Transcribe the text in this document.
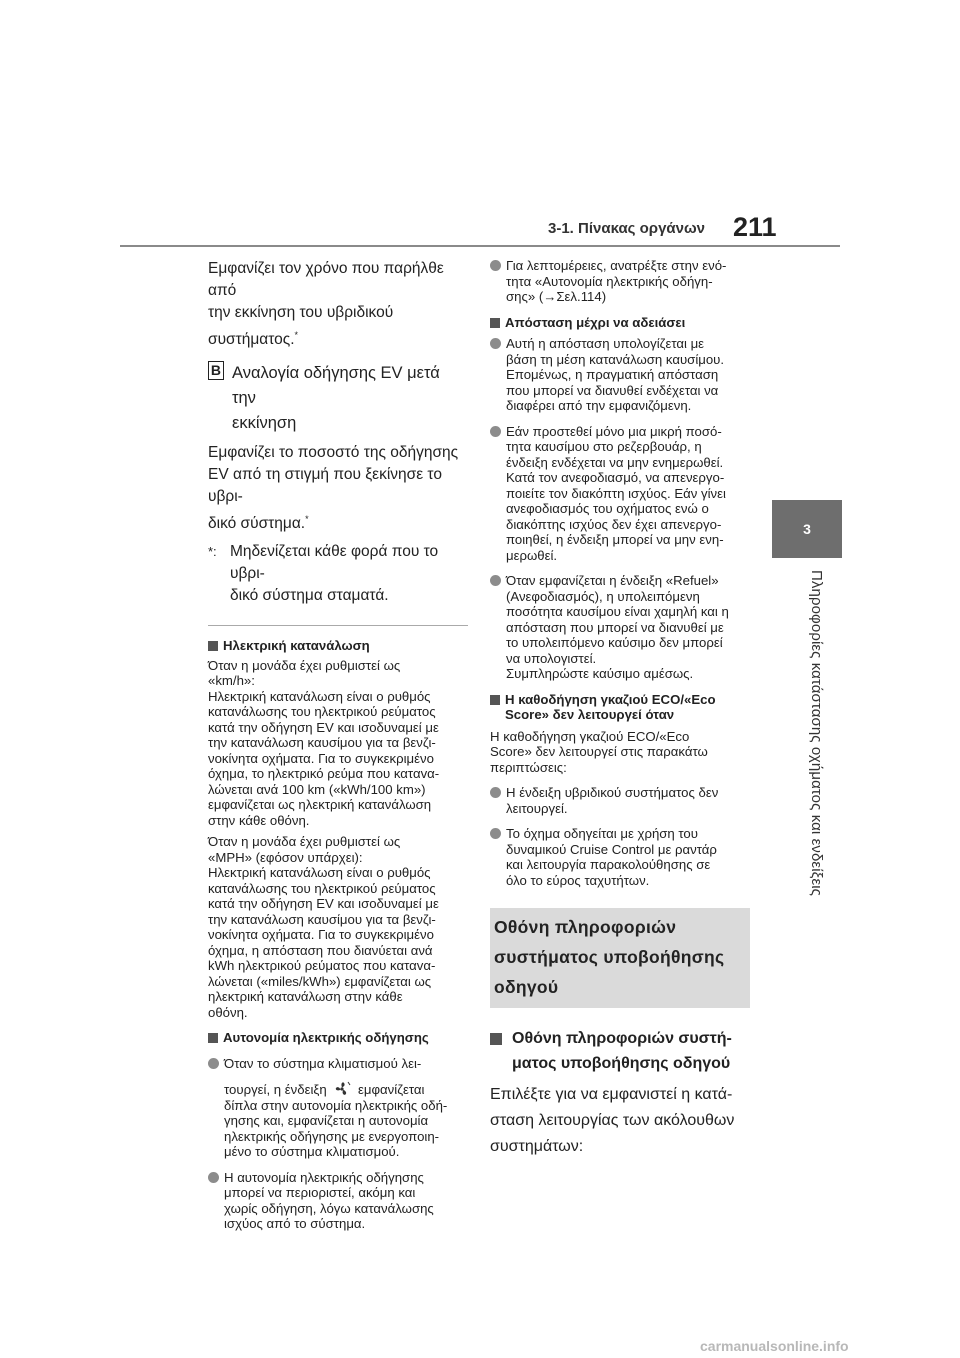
3-1. Πίνακας οργάνων 211
3
Πληροφορίες κατάστασης οχήματος και ενδείξεις

Εμφανίζει τον χρόνο που παρήλθε από
την εκκίνηση του υβριδικού συστήματος.*

B Αναλογία οδήγησης EV μετά την
εκκίνηση

Εμφανίζει το ποσοστό της οδήγησης
EV από τη στιγμή που ξεκίνησε το υβρι-
δικό σύστημα.*

*: Μηδενίζεται κάθε φορά που το υβρι-
δικό σύστημα σταματά.
Ηλεκτρική κατανάλωση

Όταν η μονάδα έχει ρυθμιστεί ως
«km/h»:
Ηλεκτρική κατανάλωση είναι ο ρυθμός
κατανάλωσης του ηλεκτρικού ρεύματος
κατά την οδήγηση EV και ισοδυναμεί με
την κατανάλωση καυσίμου για τα βενζι-
νοκίνητα οχήματα. Για το συγκεκριμένο
όχημα, το ηλεκτρικό ρεύμα που καταvα-
λώνεται ανά 100 km («kWh/100 km»)
εμφανίζεται ως ηλεκτρική κατανάλωση
στην κάθε οθόνη.

Όταν η μονάδα έχει ρυθμιστεί ως
«MPH» (εφόσον υπάρχει):
Ηλεκτρική κατανάλωση είναι ο ρυθμός
κατανάλωσης του ηλεκτρικού ρεύματος
κατά την οδήγηση EV και ισοδυναμεί με
την κατανάλωση καυσίμου για τα βενζι-
νοκίνητα οχήματα. Για το συγκεκριμένο
όχημα, η απόσταση που διανύεται ανά
kWh ηλεκτρικού ρεύματος που καταvα-
λώνεται («miles/kWh») εμφανίζεται ως
ηλεκτρική κατανάλωση στην κάθε
οθόνη.

Αυτονομία ηλεκτρικής οδήγησης
Όταν το σύστημα κλιματισμού λει-
τουργεί, η ένδειξη εμφανίζεται
δίπλα στην αυτονομία ηλεκτρικής οδή-
γησης και, εμφανίζεται η αυτονομία
ηλεκτρικής οδήγησης με ενεργοποιη-
μένο το σύστημα κλιματισμού.
Η αυτονομία ηλεκτρικής οδήγησης
μπορεί να περιοριστεί, ακόμη και
χωρίς οδήγηση, λόγω κατανάλωσης
ισχύος από το σύστημα.
Για λεπτομέρειες, ανατρέξτε στην ενό-
τητα «Αυτονομία ηλεκτρικής οδήγη-
σης» (→Σελ.114)
Απόσταση μέχρι να αδειάσει
Αυτή η απόσταση υπολογίζεται με
βάση τη μέση κατανάλωση καυσίμου.
Επομένως, η πραγματική απόσταση
που μπορεί να διανυθεί ενδέχεται να
διαφέρει από την εμφανιζόμενη.
Εάν προστεθεί μόνο μια μικρή ποσό-
τητα καυσίμου στο ρεζερβουάρ, η
ένδειξη ενδέχεται να μην ενημερωθεί.
Κατά τον ανεφοδιασμό, να απενεργο-
ποιείτε τον διακόπτη ισχύος. Εάν γίνει
ανεφοδιασμός του οχήματος ενώ ο
διακόπτης ισχύος δεν έχει απενεργο-
ποιηθεί, η ένδειξη μπορεί να μην ενη-
μερωθεί.
Όταν εμφανίζεται η ένδειξη «Refuel»
(Ανεφοδιασμός), η υπολειπόμενη
ποσότητα καυσίμου είναι χαμηλή και η
απόσταση που μπορεί να διανυθεί με
το υπολειπόμενο καύσιμο δεν μπορεί
να υπολογιστεί.
Συμπληρώστε καύσιμο αμέσως.
Η καθοδήγηση γκαζιού ECO/«Eco
Score» δεν λειτουργεί όταν

Η καθοδήγηση γκαζιού ECO/«Eco
Score» δεν λειτουργεί στις παρακάτω
περιπτώσεις:

Η ένδειξη υβριδικού συστήματος δεν
λειτουργεί.
Το όχημα οδηγείται με χρήση του
δυναμικού Cruise Control με ραντάρ
και λειτουργία παρακολούθησης σε
όλο το εύρος ταχυτήτων.
Οθόνη πληροφοριών
συστήματος υποβοήθησης
οδηγού
Οθόνη πληροφοριών συστή-
ματος υποβοήθησης οδηγού

Επιλέξτε για να εμφανιστεί η κατά-
σταση λειτουργίας των ακόλουθων
συστημάτων:

carmanualsonline.info
